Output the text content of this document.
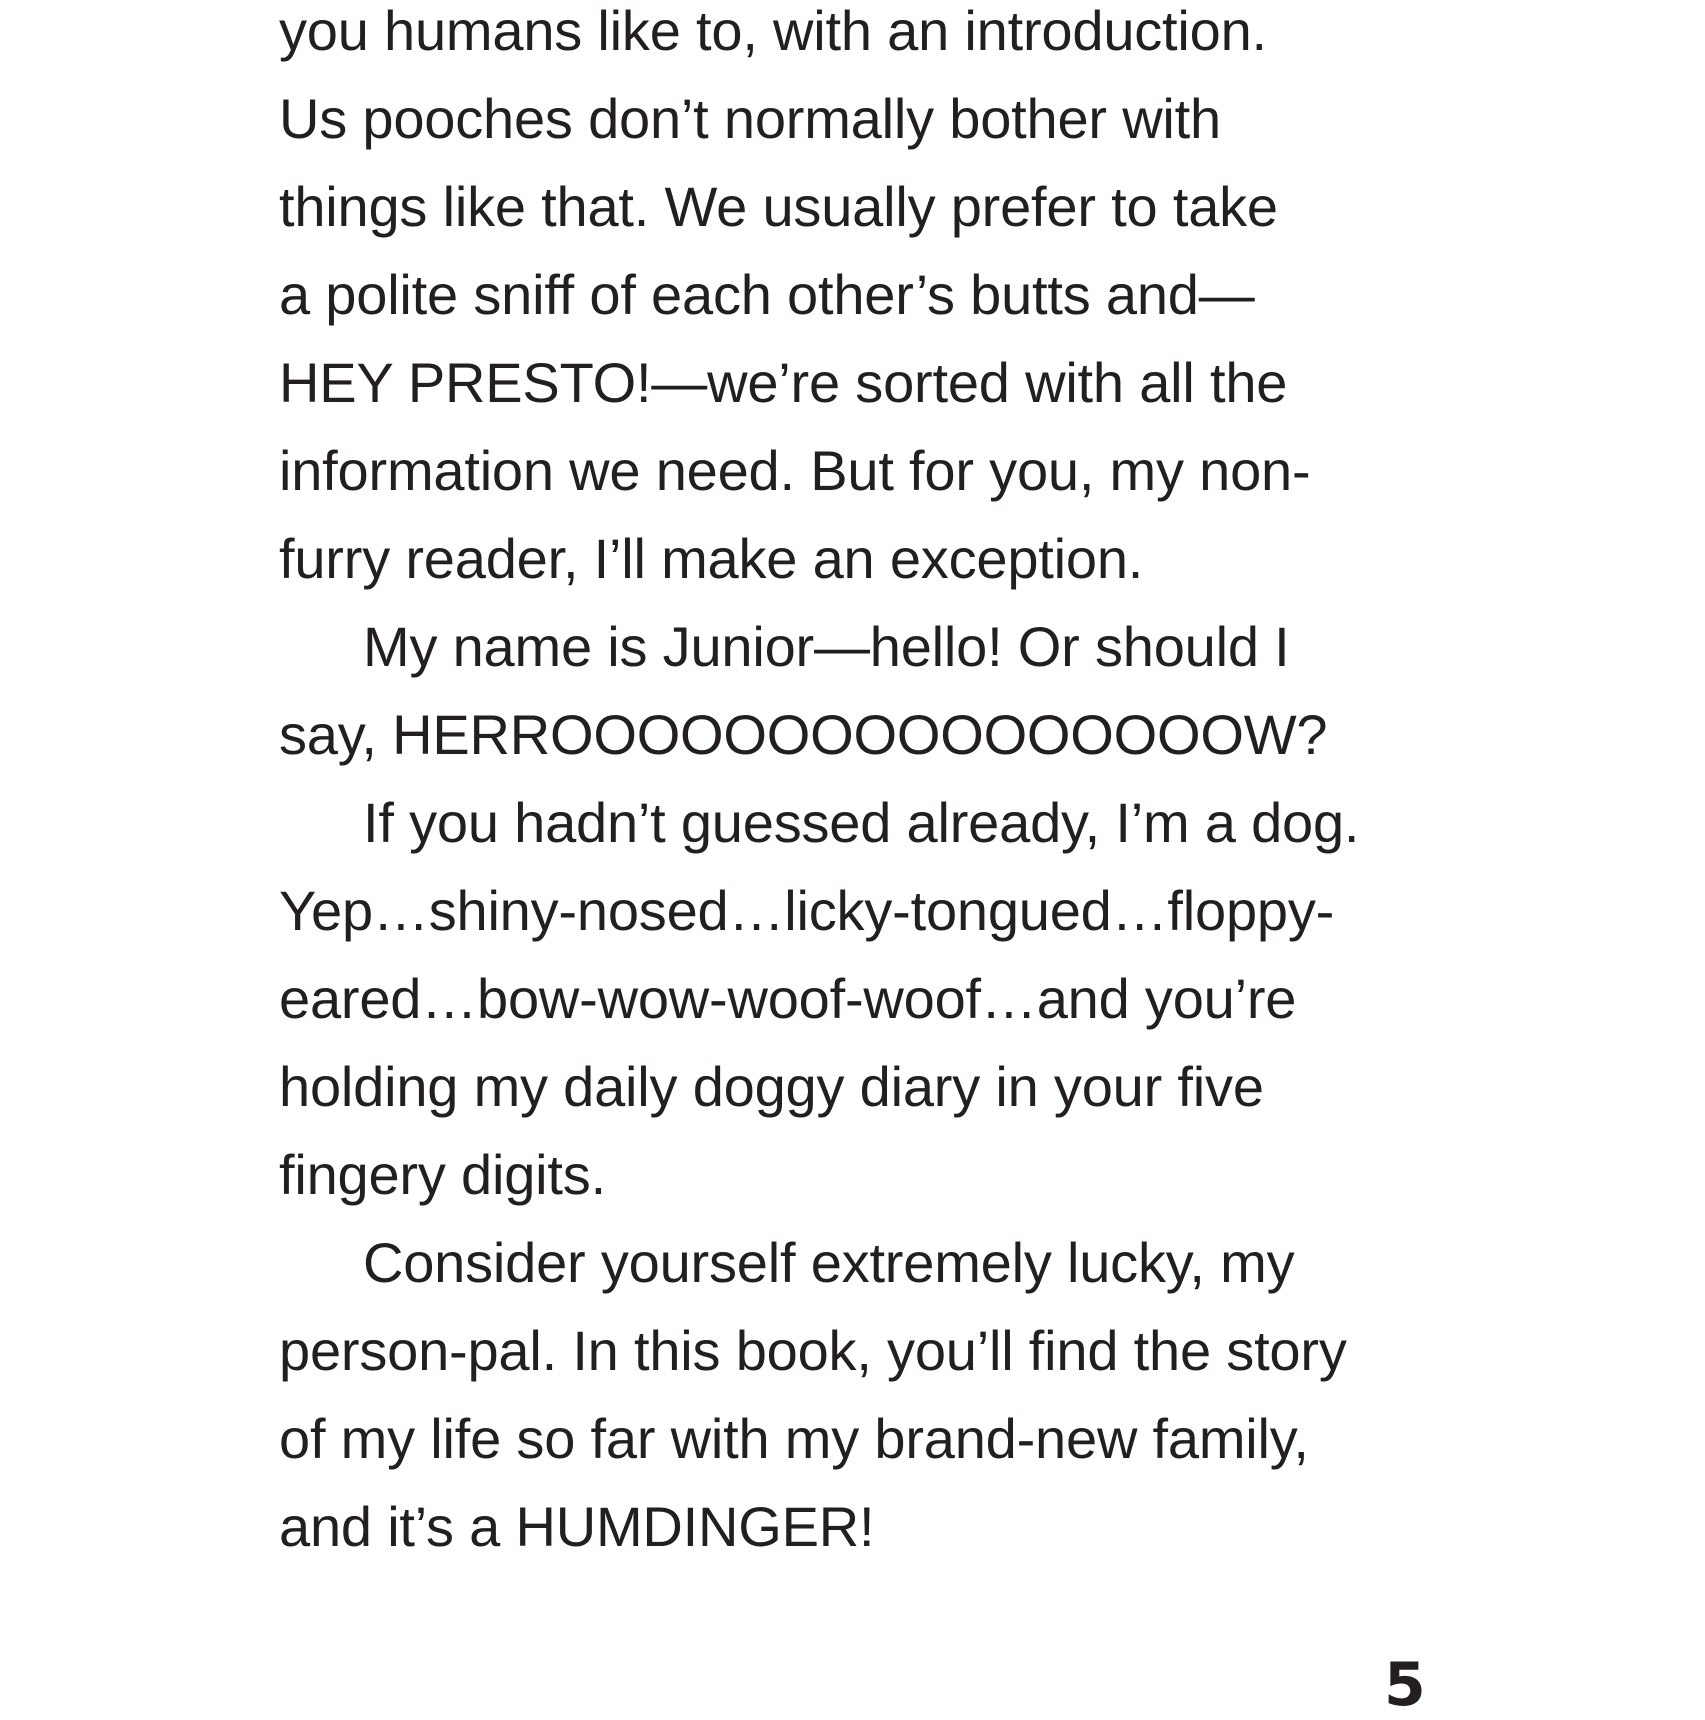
you humans like to, with an introduction.
Us pooches don’t normally bother with
things like that. We usually prefer to take
a polite sniff of each other’s butts and—
HEY PRESTO!—we’re sorted with all the
information we need. But for you, my non-
furry reader, I’ll make an exception.
My name is Junior—hello! Or should I
say, HERROOOOOOOOOOOOOOOOW?
If you hadn’t guessed already, I’m a dog.
Yep…shiny-nosed…licky-tongued…floppy-
eared…bow-wow-woof-woof…and you’re
holding my daily doggy diary in your five
fingery digits.
Consider yourself extremely lucky, my
person-pal. In this book, you’ll find the story
of my life so far with my brand-new family,
and it’s a HUMDINGER!
5
